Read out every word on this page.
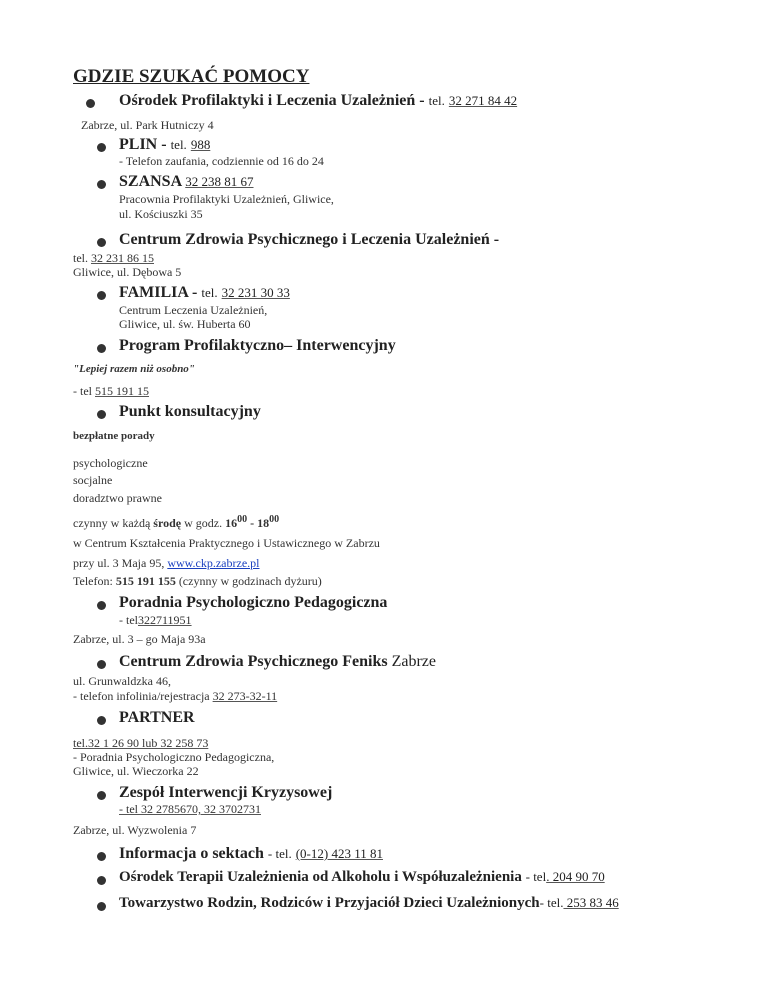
GDZIE SZUKAĆ POMOCY
Ośrodek Profilaktyki i Leczenia Uzależnień - tel. 32 271 84 42
Zabrze, ul. Park Hutniczy 4
PLIN - tel. 988
- Telefon zaufania, codziennie od 16 do 24
SZANSA 32 238 81 67
Pracownia Profilaktyki Uzależnień, Gliwice,
ul. Kościuszki 35
Centrum Zdrowia Psychicznego i Leczenia Uzależnień -
tel. 32 231 86 15
Gliwice, ul. Dębowa 5
FAMILIA - tel. 32 231 30 33
Centrum Leczenia Uzależnień,
Gliwice, ul. św. Huberta 60
Program Profilaktyczno– Interwencyjny
"Lepiej razem niż osobno"
- tel 515 191 15
Punkt konsultacyjny
bezpłatne porady
psychologiczne
socjalne
doradztwo prawne
czynny w każdą środę w godz. $16^{00} - 18^{00}$
w Centrum Kształcenia Praktycznego i Ustawicznego w Zabrzu
przy ul. 3 Maja 95, www.ckp.zabrze.pl
Telefon: 515 191 155 (czynny w godzinach dyżuru)
Poradnia Psychologiczno Pedagogiczna
- tel322711951
Zabrze, ul. 3 – go Maja 93a
Centrum Zdrowia Psychicznego Feniks Zabrze
ul. Grunwaldzka 46,
- telefon infolinia/rejestracja 32 273-32-11
PARTNER
tel.32 1 26 90 lub 32 258 73
- Poradnia Psychologiczno Pedagogiczna,
Gliwice, ul. Wieczorka 22
Zespół Interwencji Kryzysowej
- tel 32 2785670, 32 3702731
Zabrze, ul. Wyzwolenia 7
Informacja o sektach - tel. (0-12) 423 11 81
Ośrodek Terapii Uzależnienia od Alkoholu i Współuzależnienia - tel. 204 90 70
Towarzystwo Rodzin, Rodziców i Przyjaciół Dzieci Uzależnionych- tel. 253 83 46
